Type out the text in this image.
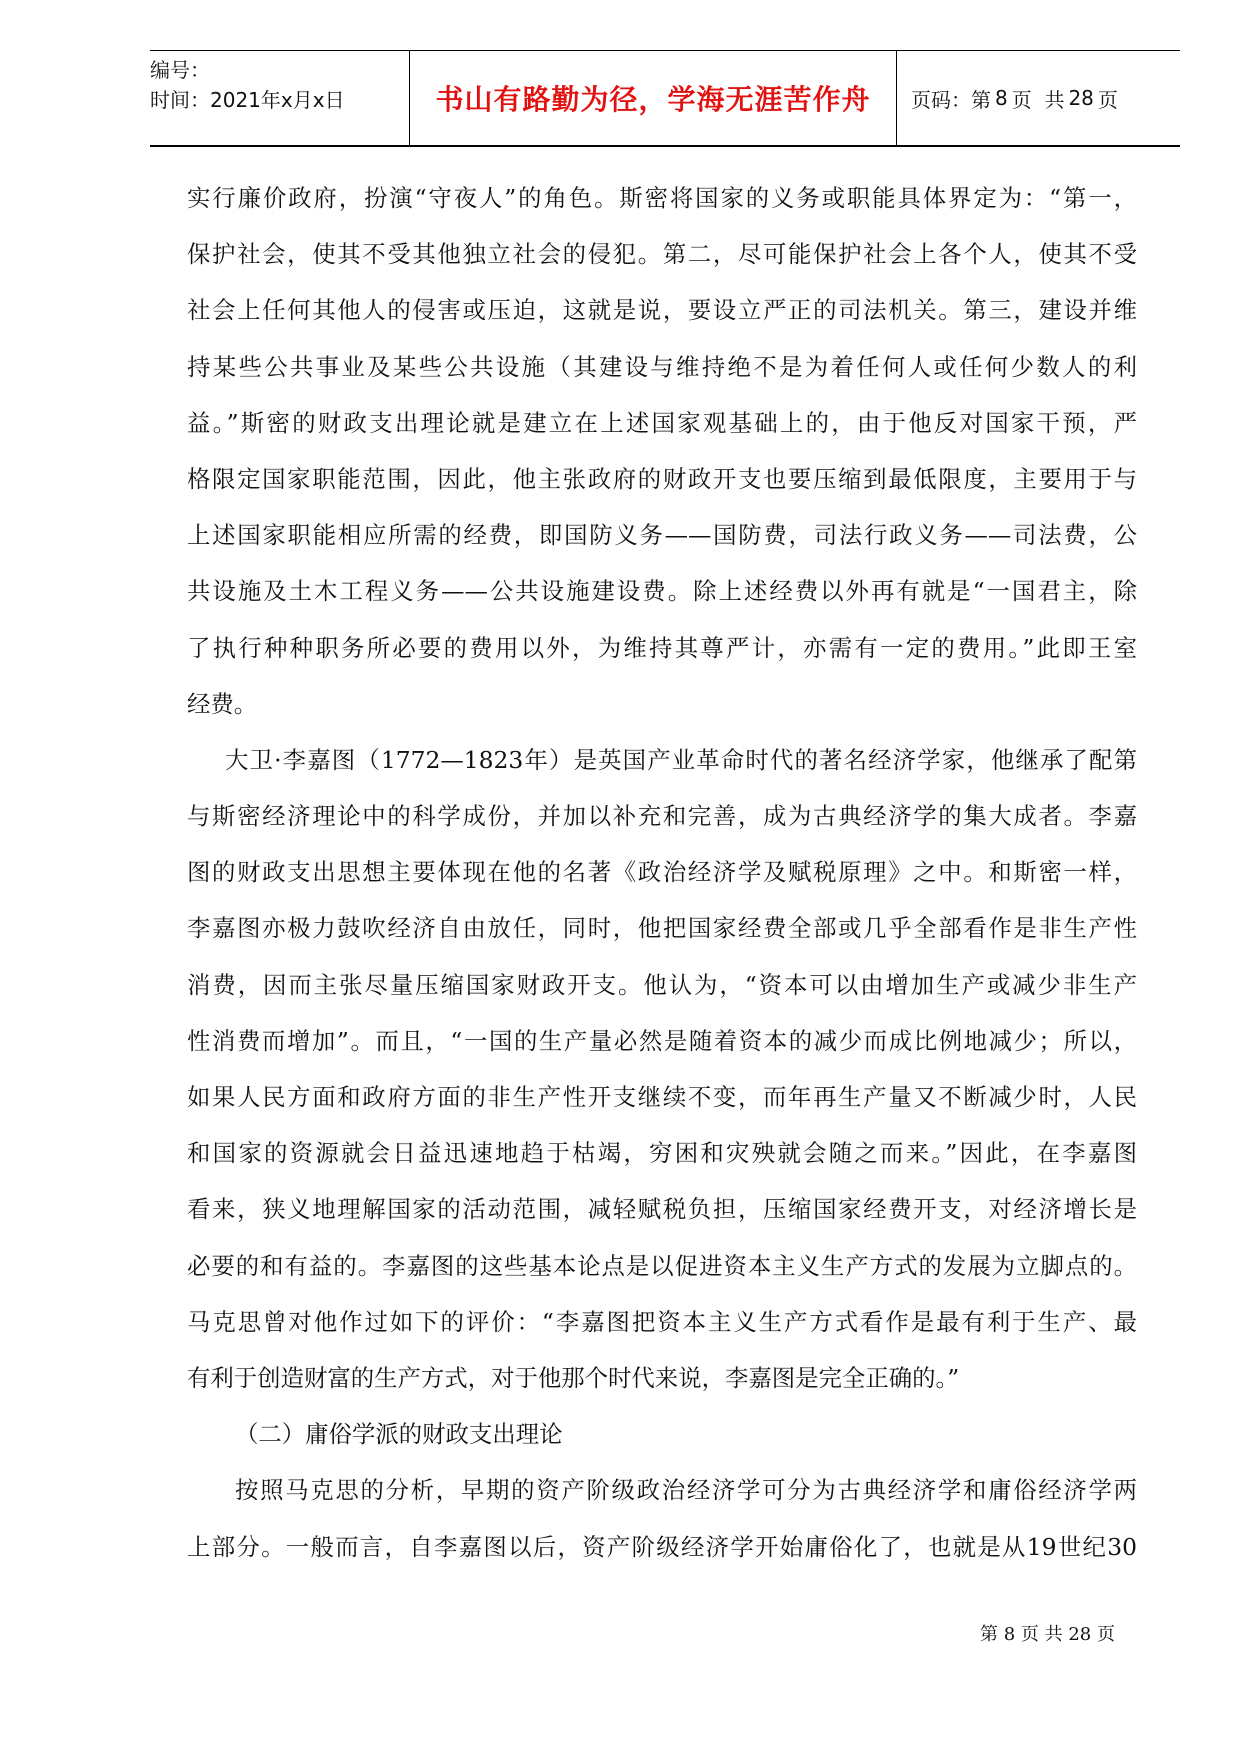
编号：
时间：2021年x月x日	书山有路勤为径，学海无涯苦作舟	页码：第 8 页  共 28 页
实行廉价政府，扮演“守夜人”的角色。斯密将国家的义务或职能具体界定为：“第一，
保护社会，使其不受其他独立社会的侵犯。第二，尽可能保护社会上各个人，使其不受
社会上任何其他人的侵害或压迫，这就是说，要设立严正的司法机关。第三，建设并维
持某些公共事业及某些公共设施（其建设与维持绝不是为着任何人或任何少数人的利
益。”斯密的财政支出理论就是建立在上述国家观基础上的，由于他反对国家干预，严
格限定国家职能范围，因此，他主张政府的财政开支也要压缩到最低限度，主要用于与
上述国家职能相应所需的经费，即国防义务——国防费，司法行政义务——司法费，公
共设施及土木工程义务——公共设施建设费。除上述经费以外再有就是“一国君主，除
了执行种种职务所必要的费用以外，为维持其尊严计，亦需有一定的费用。”此即王室
经费。
大卫·李嘉图（1772—1823年）是英国产业革命时代的著名经济学家，他继承了配第
与斯密经济理论中的科学成份，并加以补充和完善，成为古典经济学的集大成者。李嘉
图的财政支出思想主要体现在他的名著《政治经济学及赋税原理》之中。和斯密一样，
李嘉图亦极力鼓吹经济自由放任，同时，他把国家经费全部或几乎全部看作是非生产性
消费，因而主张尽量压缩国家财政开支。他认为，“资本可以由增加生产或减少非生产
性消费而增加”。而且，“一国的生产量必然是随着资本的减少而成比例地减少；所以，
如果人民方面和政府方面的非生产性开支继续不变，而年再生产量又不断减少时，人民
和国家的资源就会日益迅速地趋于枯竭，穷困和灾殃就会随之而来。”因此，在李嘉图
看来，狭义地理解国家的活动范围，减轻赋税负担，压缩国家经费开支，对经济增长是
必要的和有益的。李嘉图的这些基本论点是以促进资本主义生产方式的发展为立脚点的。
马克思曾对他作过如下的评价：“李嘉图把资本主义生产方式看作是最有利于生产、最
有利于创造财富的生产方式，对于他那个时代来说，李嘉图是完全正确的。”
（二）庸俗学派的财政支出理论
按照马克思的分析，早期的资产阶级政治经济学可分为古典经济学和庸俗经济学两
上部分。一般而言，自李嘉图以后，资产阶级经济学开始庸俗化了，也就是从19世纪30
第 8 页 共 28 页
